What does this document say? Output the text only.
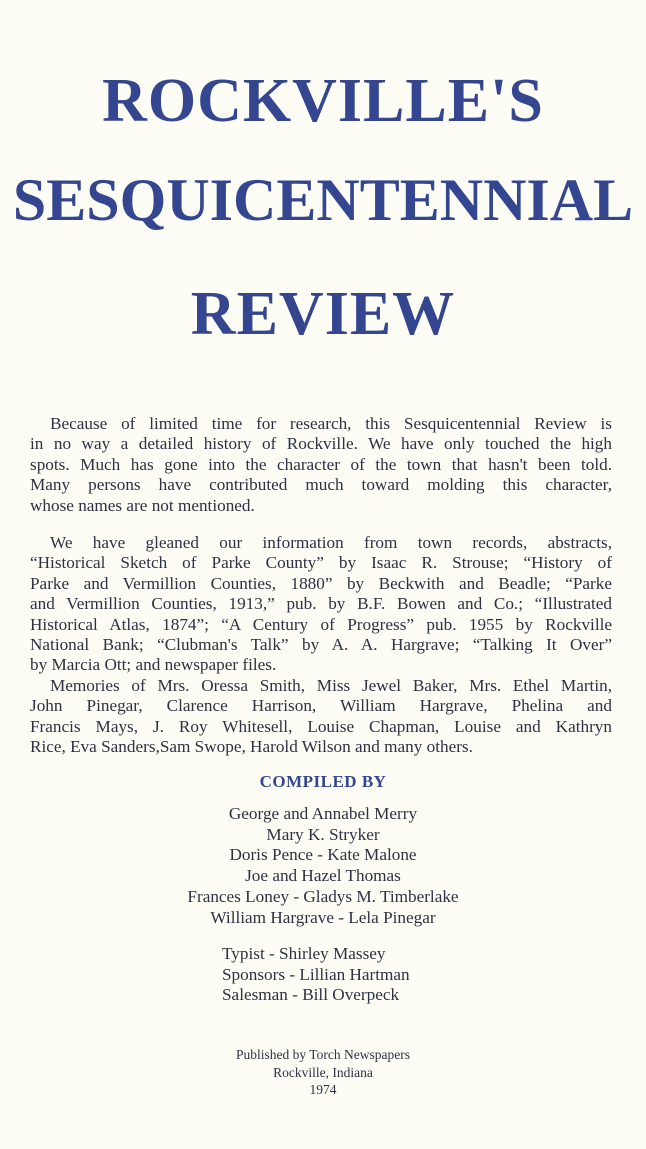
ROCKVILLE'S
SESQUICENTENNIAL
REVIEW
Because of limited time for research, this Sesquicentennial Review is
in no way a detailed history of Rockville. We have only touched the high
spots. Much has gone into the character of the town that hasn't been told.
Many persons have contributed much toward molding this character,
whose names are not mentioned.
We have gleaned our information from town records, abstracts,
“Historical Sketch of Parke County” by Isaac R. Strouse; “History of
Parke and Vermillion Counties, 1880” by Beckwith and Beadle; “Parke
and Vermillion Counties, 1913,” pub. by B.F. Bowen and Co.; “Illustrated
Historical Atlas, 1874”; “A Century of Progress” pub. 1955 by Rockville
National Bank; “Clubman's Talk” by A. A. Hargrave; “Talking It Over”
by Marcia Ott; and newspaper files.
Memories of Mrs. Oressa Smith, Miss Jewel Baker, Mrs. Ethel Martin,
John Pinegar, Clarence Harrison, William Hargrave, Phelina and
Francis Mays, J. Roy Whitesell, Louise Chapman, Louise and Kathryn
Rice, Eva Sanders,Sam Swope, Harold Wilson and many others.
COMPILED BY
George and Annabel Merry
Mary K. Stryker
Doris Pence - Kate Malone
Joe and Hazel Thomas
Frances Loney - Gladys M. Timberlake
William Hargrave - Lela Pinegar
Typist - Shirley Massey
Sponsors - Lillian Hartman
Salesman - Bill Overpeck
Published by Torch Newspapers
Rockville, Indiana
1974
